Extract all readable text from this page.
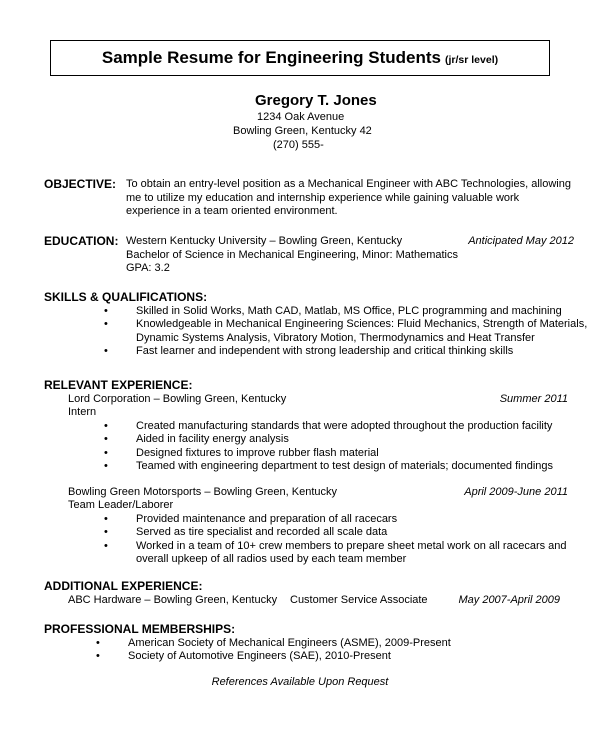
Sample Resume for Engineering Students (jr/sr level)
Gregory T. Jones
1234 Oak Avenue
Bowling Green, Kentucky 42
(270) 555-
OBJECTIVE: To obtain an entry-level position as a Mechanical Engineer with ABC Technologies, allowing me to utilize my education and internship experience while gaining valuable work experience in a team oriented environment.
EDUCATION: Western Kentucky University – Bowling Green, Kentucky	Anticipated May 2012
Bachelor of Science in Mechanical Engineering, Minor: Mathematics
GPA: 3.2
SKILLS & QUALIFICATIONS:
•	Skilled in Solid Works, Math CAD, Matlab, MS Office, PLC programming and machining
•	Knowledgeable in Mechanical Engineering Sciences: Fluid Mechanics, Strength of Materials, Dynamic Systems Analysis, Vibratory Motion, Thermodynamics and Heat Transfer
•	Fast learner and independent with strong leadership and critical thinking skills
RELEVANT EXPERIENCE:
Lord Corporation – Bowling Green, Kentucky	Summer 2011
Intern
•	Created manufacturing standards that were adopted throughout the production facility
•	Aided in facility energy analysis
•	Designed fixtures to improve rubber flash material
•	Teamed with engineering department to test design of materials; documented findings
Bowling Green Motorsports – Bowling Green, Kentucky	April 2009-June 2011
Team Leader/Laborer
•	Provided maintenance and preparation of all racecars
•	Served as tire specialist and recorded all scale data
•	Worked in a team of 10+ crew members to prepare sheet metal work on all racecars and overall upkeep of all radios used by each team member
ADDITIONAL EXPERIENCE:
ABC Hardware – Bowling Green, Kentucky Customer Service Associate	May 2007-April 2009
PROFESSIONAL MEMBERSHIPS:
•	American Society of Mechanical Engineers (ASME), 2009-Present
•	Society of Automotive Engineers (SAE), 2010-Present
References Available Upon Request
